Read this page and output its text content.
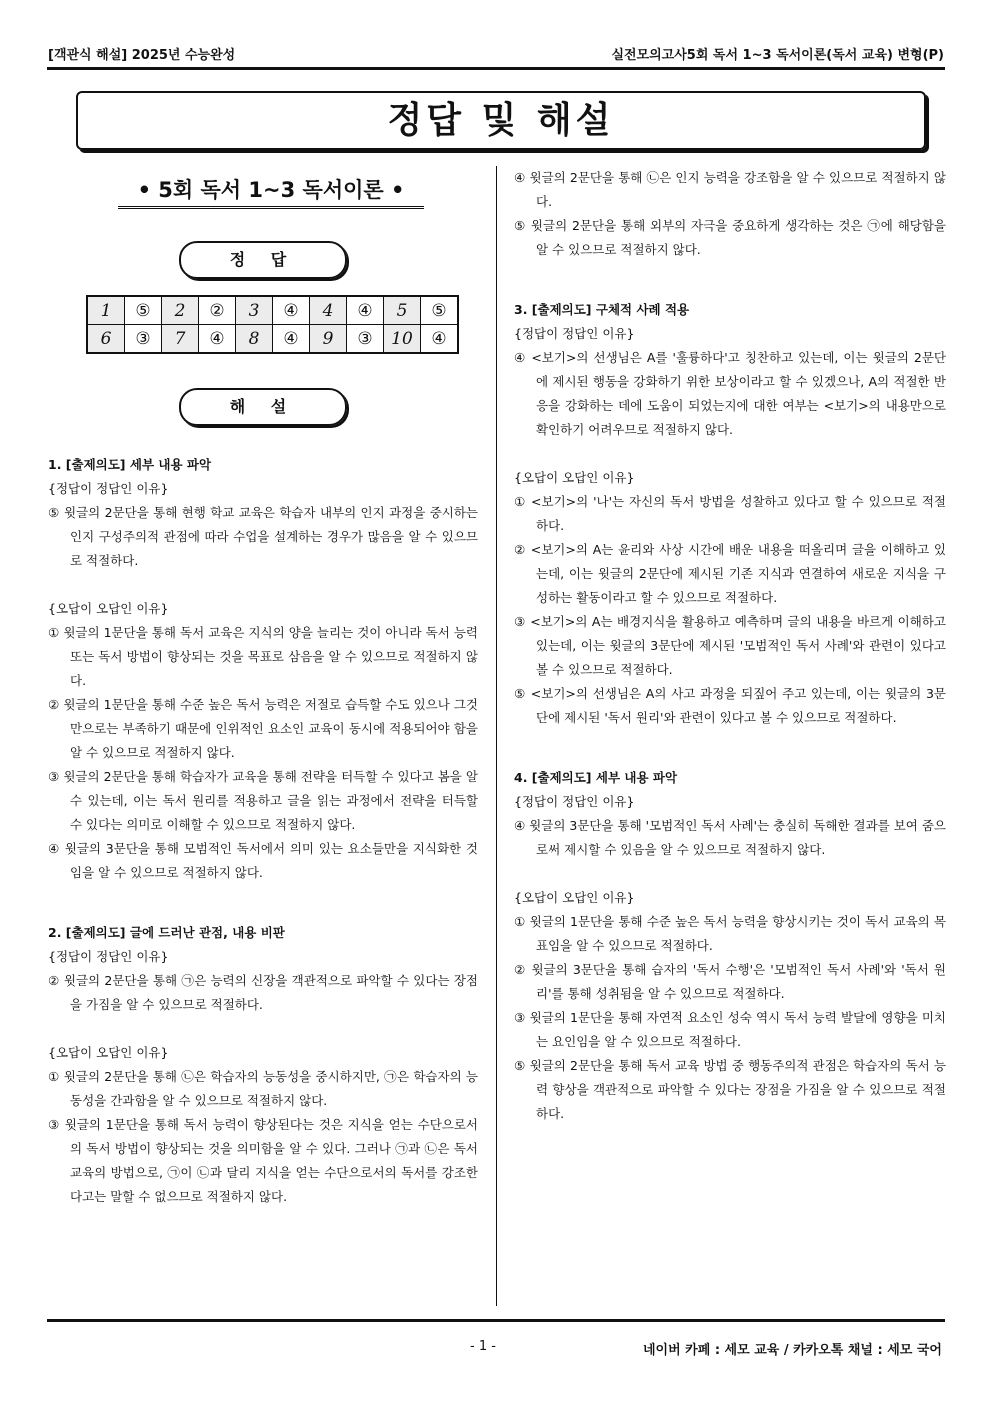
[객관식 해설] 2025년 수능완성	실전모의고사5회 독서 1~3 독서이론(독서 교육) 변형(P)
정답 및 해설
• 5회 독서 1~3 독서이론 •
정 답
1	⑤	2	②	3	④	4	④	5	⑤
6	③	7	④	8	④	9	③	10	④
해 설

1. [출제의도] 세부 내용 파악

{정답이 정답인 이유}

⑤ 윗글의 2문단을 통해 현행 학교 교육은 학습자 내부의 인지 과정을 중시하는 인지 구성주의적 관점에 따라 수업을 설계하는 경우가 많음을 알 수 있으므로 적절하다.

{오답이 오답인 이유}

① 윗글의 1문단을 통해 독서 교육은 지식의 양을 늘리는 것이 아니라 독서 능력 또는 독서 방법이 향상되는 것을 목표로 삼음을 알 수 있으므로 적절하지 않다.

② 윗글의 1문단을 통해 수준 높은 독서 능력은 저절로 습득할 수도 있으나 그것만으로는 부족하기 때문에 인위적인 요소인 교육이 동시에 적용되어야 함을 알 수 있으므로 적절하지 않다.

③ 윗글의 2문단을 통해 학습자가 교육을 통해 전략을 터득할 수 있다고 봄을 알 수 있는데, 이는 독서 원리를 적용하고 글을 읽는 과정에서 전략을 터득할 수 있다는 의미로 이해할 수 있으므로 적절하지 않다.

④ 윗글의 3문단을 통해 모범적인 독서에서 의미 있는 요소들만을 지식화한 것임을 알 수 있으므로 적절하지 않다.

2. [출제의도] 글에 드러난 관점, 내용 비판

{정답이 정답인 이유}

② 윗글의 2문단을 통해 ㉠은 능력의 신장을 객관적으로 파악할 수 있다는 장점을 가짐을 알 수 있으므로 적절하다.

{오답이 오답인 이유}

① 윗글의 2문단을 통해 ㉡은 학습자의 능동성을 중시하지만, ㉠은 학습자의 능동성을 간과함을 알 수 있으므로 적절하지 않다.

③ 윗글의 1문단을 통해 독서 능력이 향상된다는 것은 지식을 얻는 수단으로서의 독서 방법이 향상되는 것을 의미함을 알 수 있다. 그러나 ㉠과 ㉡은 독서 교육의 방법으로, ㉠이 ㉡과 달리 지식을 얻는 수단으로서의 독서를 강조한다고는 말할 수 없으므로 적절하지 않다.

④ 윗글의 2문단을 통해 ㉡은 인지 능력을 강조함을 알 수 있으므로 적절하지 않다.

⑤ 윗글의 2문단을 통해 외부의 자극을 중요하게 생각하는 것은 ㉠에 해당함을 알 수 있으므로 적절하지 않다.

3. [출제의도] 구체적 사례 적용

{정답이 정답인 이유}

④ <보기>의 선생님은 A를 '훌륭하다'고 칭찬하고 있는데, 이는 윗글의 2문단에 제시된 행동을 강화하기 위한 보상이라고 할 수 있겠으나, A의 적절한 반응을 강화하는 데에 도움이 되었는지에 대한 여부는 <보기>의 내용만으로 확인하기 어려우므로 적절하지 않다.

{오답이 오답인 이유}

① <보기>의 '나'는 자신의 독서 방법을 성찰하고 있다고 할 수 있으므로 적절하다.

② <보기>의 A는 윤리와 사상 시간에 배운 내용을 떠올리며 글을 이해하고 있는데, 이는 윗글의 2문단에 제시된 기존 지식과 연결하여 새로운 지식을 구성하는 활동이라고 할 수 있으므로 적절하다.

③ <보기>의 A는 배경지식을 활용하고 예측하며 글의 내용을 바르게 이해하고 있는데, 이는 윗글의 3문단에 제시된 '모범적인 독서 사례'와 관련이 있다고 볼 수 있으므로 적절하다.

⑤ <보기>의 선생님은 A의 사고 과정을 되짚어 주고 있는데, 이는 윗글의 3문단에 제시된 '독서 원리'와 관련이 있다고 볼 수 있으므로 적절하다.

4. [출제의도] 세부 내용 파악

{정답이 정답인 이유}

④ 윗글의 3문단을 통해 '모범적인 독서 사례'는 충실히 독해한 결과를 보여 줌으로써 제시할 수 있음을 알 수 있으므로 적절하지 않다.

{오답이 오답인 이유}

① 윗글의 1문단을 통해 수준 높은 독서 능력을 향상시키는 것이 독서 교육의 목표임을 알 수 있으므로 적절하다.

② 윗글의 3문단을 통해 습자의 '독서 수행'은 '모범적인 독서 사례'와 '독서 원리'를 통해 성취됨을 알 수 있으므로 적절하다.

③ 윗글의 1문단을 통해 자연적 요소인 성숙 역시 독서 능력 발달에 영향을 미치는 요인임을 알 수 있으므로 적절하다.

⑤ 윗글의 2문단을 통해 독서 교육 방법 중 행동주의적 관점은 학습자의 독서 능력 향상을 객관적으로 파악할 수 있다는 장점을 가짐을 알 수 있으므로 적절하다.

- 1 -	네이버 카페 : 세모 교육 / 카카오톡 채널 : 세모 국어
